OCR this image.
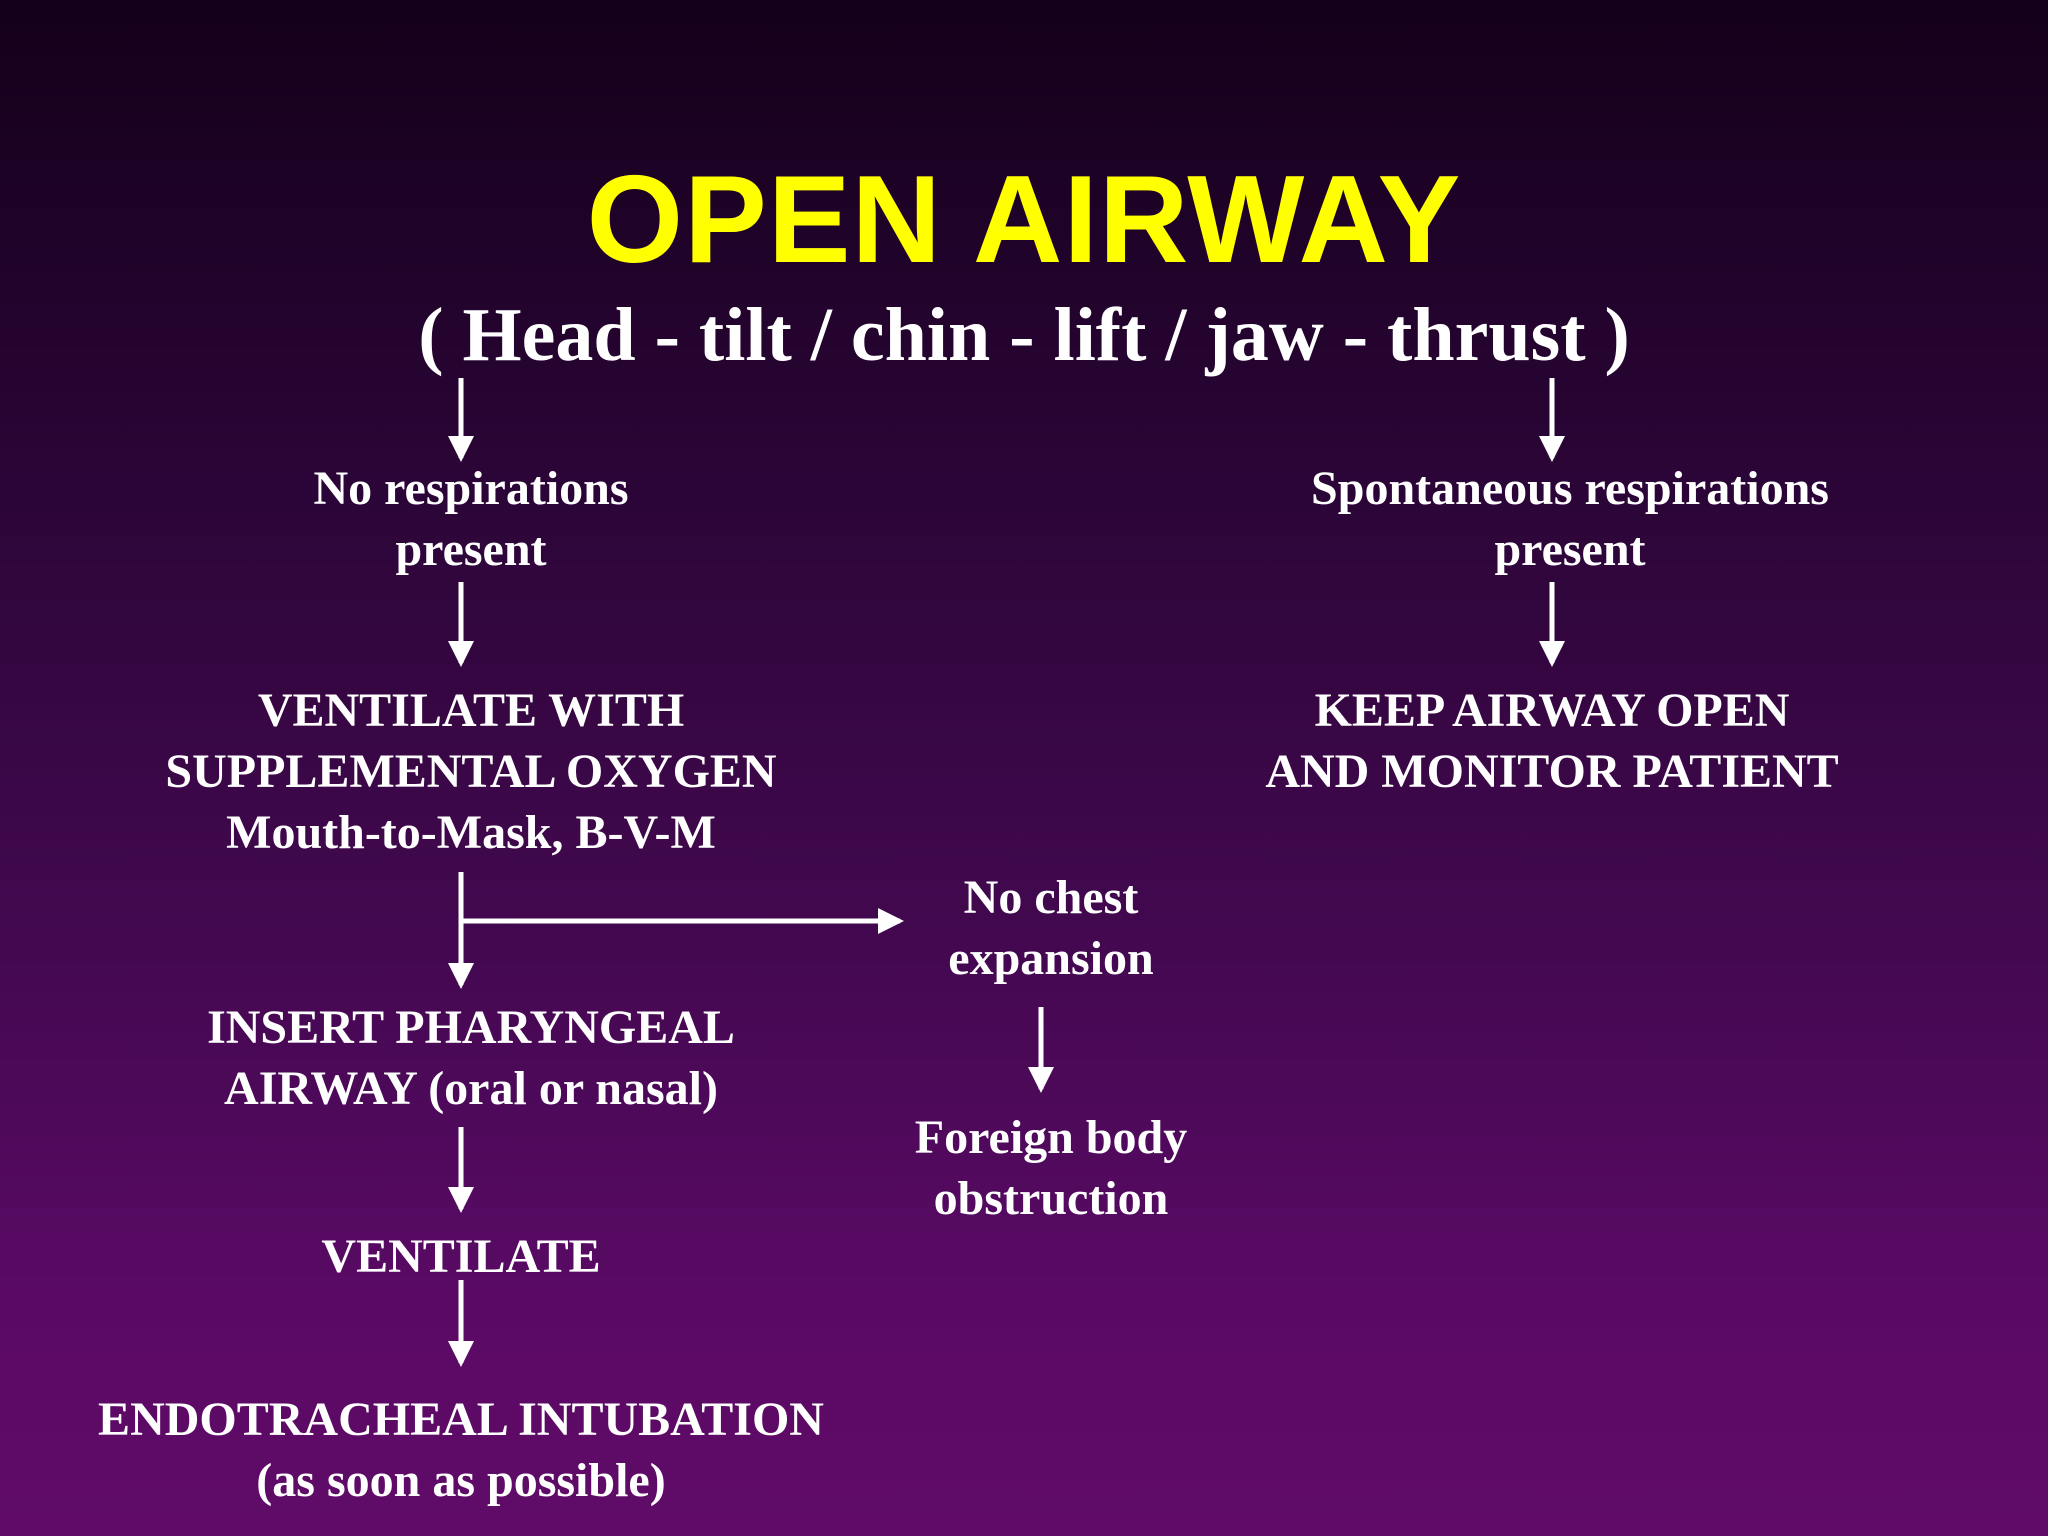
OPEN AIRWAY
( Head - tilt / chin - lift / jaw - thrust )
No respirations
present
VENTILATE WITH
SUPPLEMENTAL OXYGEN
Mouth-to-Mask, B-V-M
INSERT PHARYNGEAL
AIRWAY (oral or nasal)
VENTILATE
ENDOTRACHEAL INTUBATION
(as soon as possible)
No chest
expansion
Foreign body
obstruction
Spontaneous respirations
present
KEEP AIRWAY OPEN
AND MONITOR PATIENT
